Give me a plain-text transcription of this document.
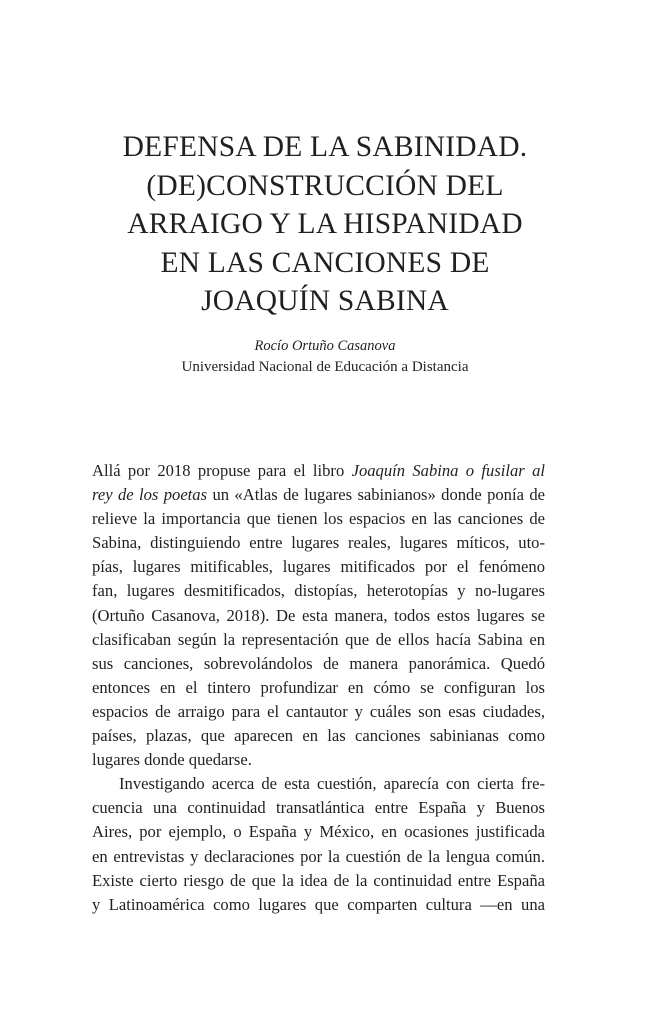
DEFENSA DE LA SABINIDAD.
(DE)CONSTRUCCIÓN DEL
ARRAIGO Y LA HISPANIDAD
EN LAS CANCIONES DE
JOAQUÍN SABINA
Rocío Ortuño Casanova
Universidad Nacional de Educación a Distancia
Allá por 2018 propuse para el libro Joaquín Sabina o fusilar al
rey de los poetas un «Atlas de lugares sabinianos» donde ponía de
relieve la importancia que tienen los espacios en las canciones de
Sabina, distinguiendo entre lugares reales, lugares míticos, uto-
pías, lugares mitificables, lugares mitificados por el fenómeno
fan, lugares desmitificados, distopías, heterotopías y no-lugares
(Ortuño Casanova, 2018). De esta manera, todos estos lugares se
clasificaban según la representación que de ellos hacía Sabina en
sus canciones, sobrevolándolos de manera panorámica. Quedó
entonces en el tintero profundizar en cómo se configuran los
espacios de arraigo para el cantautor y cuáles son esas ciudades,
países, plazas, que aparecen en las canciones sabinianas como
lugares donde quedarse.
Investigando acerca de esta cuestión, aparecía con cierta fre-
cuencia una continuidad transatlántica entre España y Buenos
Aires, por ejemplo, o España y México, en ocasiones justificada
en entrevistas y declaraciones por la cuestión de la lengua común.
Existe cierto riesgo de que la idea de la continuidad entre España
y Latinoamérica como lugares que comparten cultura —en una
